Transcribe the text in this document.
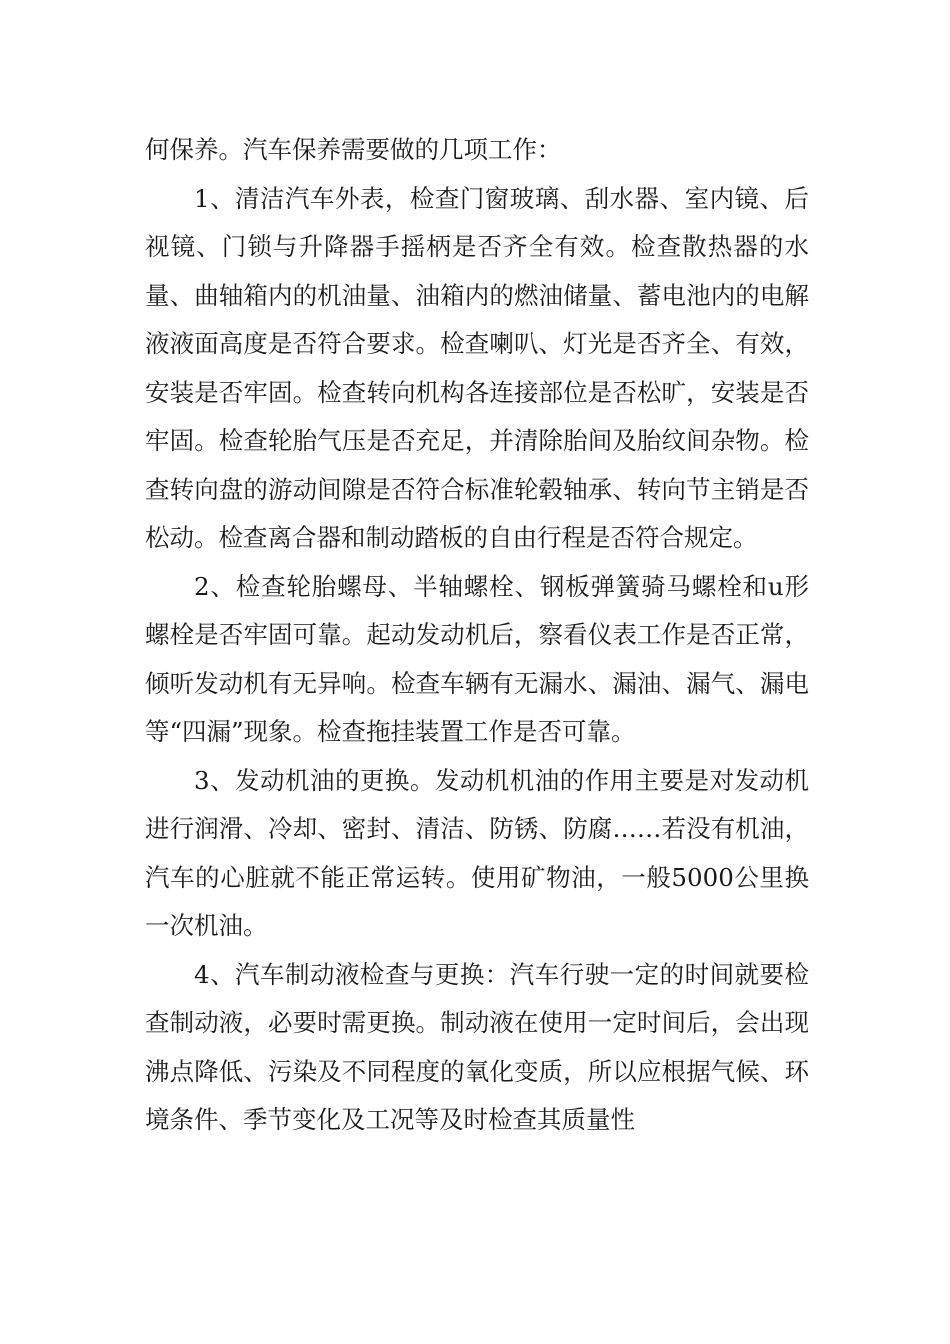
何保养。汽车保养需要做的几项工作：

1、清洁汽车外表，检查门窗玻璃、刮水器、室内镜、后视镜、门锁与升降器手摇柄是否齐全有效。检查散热器的水量、曲轴箱内的机油量、油箱内的燃油储量、蓄电池内的电解液液面高度是否符合要求。检查喇叭、灯光是否齐全、有效，安装是否牢固。检查转向机构各连接部位是否松旷，安装是否牢固。检查轮胎气压是否充足，并清除胎间及胎纹间杂物。检查转向盘的游动间隙是否符合标准轮毂轴承、转向节主销是否松动。检查离合器和制动踏板的自由行程是否符合规定。

2、检查轮胎螺母、半轴螺栓、钢板弹簧骑马螺栓和u形螺栓是否牢固可靠。起动发动机后，察看仪表工作是否正常，倾听发动机有无异响。检查车辆有无漏水、漏油、漏气、漏电等“四漏”现象。检查拖挂装置工作是否可靠。

3、发动机油的更换。发动机机油的作用主要是对发动机进行润滑、冷却、密封、清洁、防锈、防腐……若没有机油，汽车的心脏就不能正常运转。使用矿物油，一般5000公里换一次机油。

4、汽车制动液检查与更换：汽车行驶一定的时间就要检查制动液，必要时需更换。制动液在使用一定时间后，会出现沸点降低、污染及不同程度的氧化变质，所以应根据气候、环境条件、季节变化及工况等及时检查其质量性
